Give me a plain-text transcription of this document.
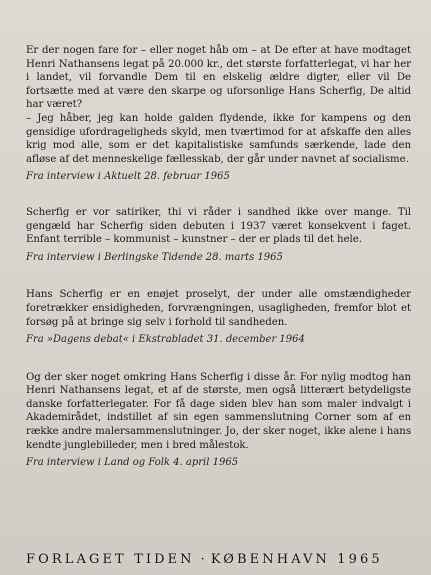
Er der nogen fare for – eller noget håb om – at De efter at have modtaget Henri Nathansens legat på 20.000 kr., det største forfatterlegat, vi har her i landet, vil forvandle Dem til en elskelig ældre digter, eller vil De fortsætte med at være den skarpe og uforsonlige Hans Scherfig, De altid har været?

– Jeg håber, jeg kan holde galden flydende, ikke for kampens og den gensidige ufordrageligheds skyld, men tværtimod for at afskaffe den alles krig mod alle, som er det kapitalistiske samfunds særkende, lade den afløse af det menneskelige fællesskab, der går under navnet af socialisme.

Fra interview i Aktuelt 28. februar 1965

Scherfig er vor satiriker, thi vi råder i sandhed ikke over mange. Til gengæld har Scherfig siden debuten i 1937 været konsekvent i faget. Enfant terrible – kommunist – kunstner – der er plads til det hele.

Fra interview i Berlingske Tidende 28. marts 1965

Hans Scherfig er en enøjet proselyt, der under alle omstændigheder foretrækker ensidigheden, forvrængningen, usagligheden, fremfor blot et forsøg på at bringe sig selv i forhold til sandheden.

Fra »Dagens debat« i Ekstrabladet 31. december 1964

Og der sker noget omkring Hans Scherfig i disse år. For nylig modtog han Henri Nathansens legat, et af de største, men også litterært betydeligste danske forfatterlegater. For få dage siden blev han som maler indvalgt i Akademirådet, indstillet af sin egen sammenslutning Corner som af en række andre malersammenslutninger. Jo, der sker noget, ikke alene i hans kendte junglebilleder, men i bred målestok.

Fra interview i Land og Folk 4. april 1965

FORLAGET TIDEN · KØBENHAVN 1965
